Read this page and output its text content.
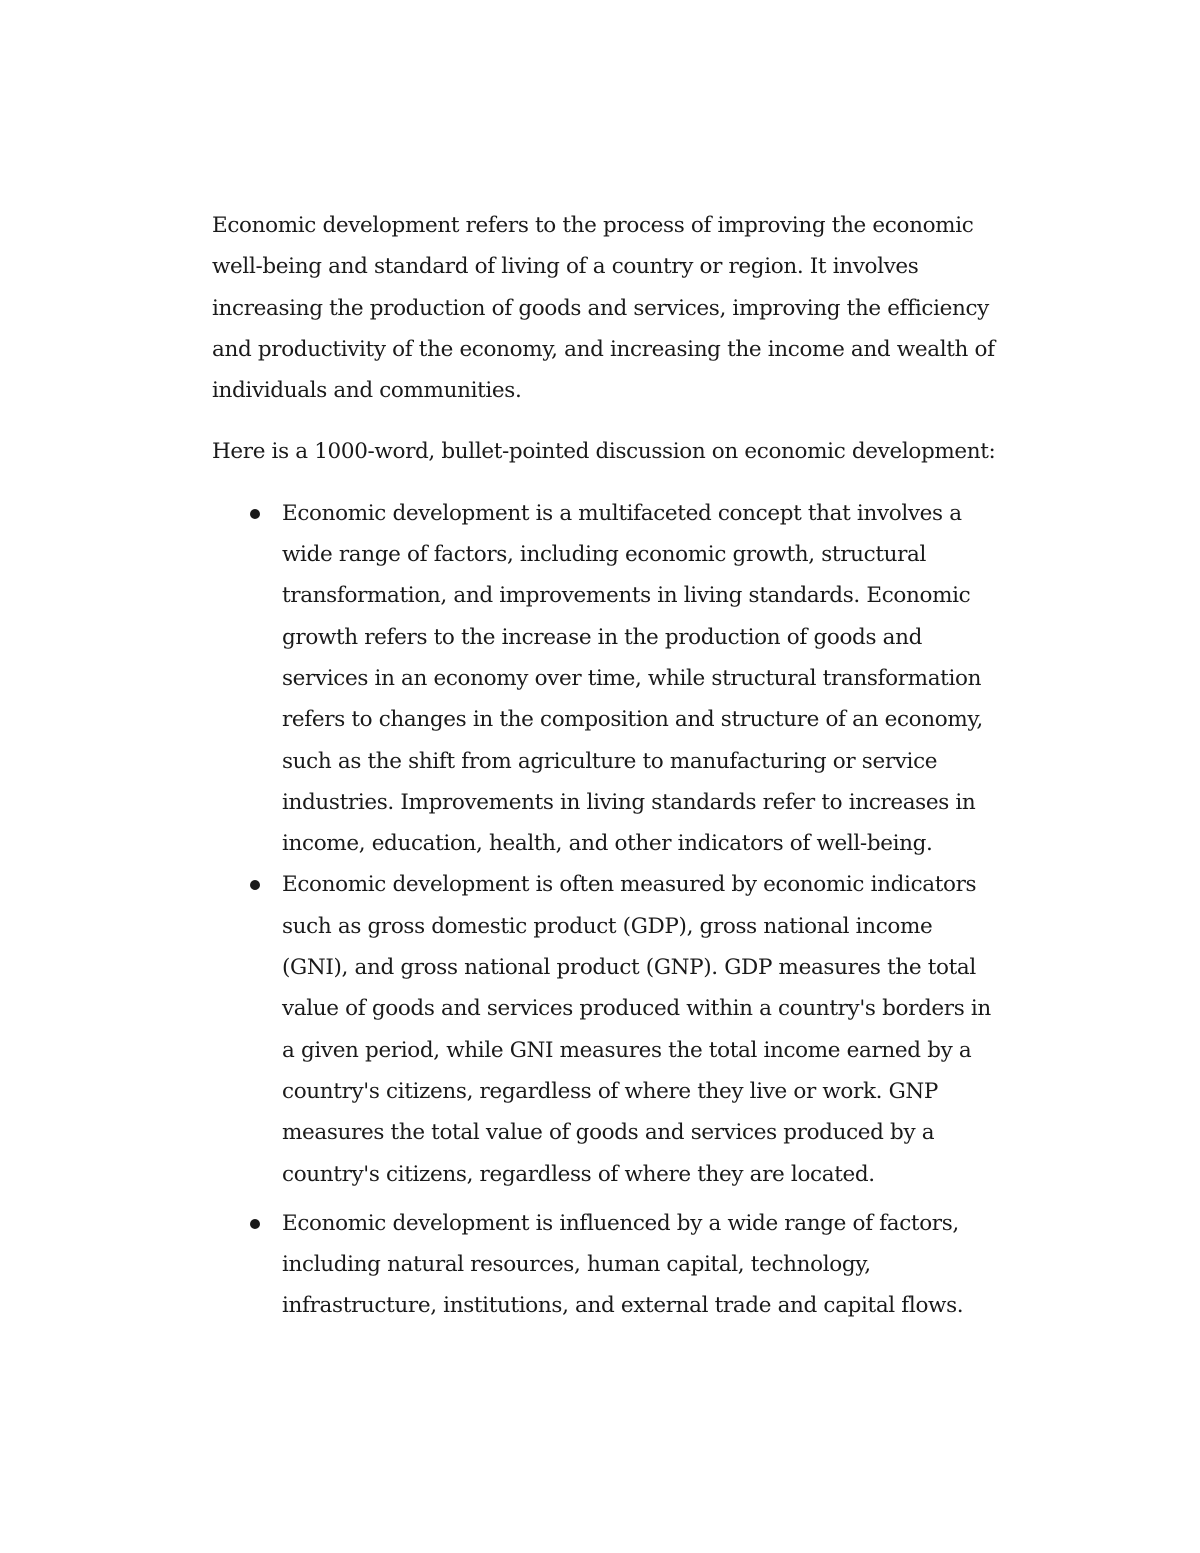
Economic development refers to the process of improving the economic well-being and standard of living of a country or region. It involves increasing the production of goods and services, improving the efficiency and productivity of the economy, and increasing the income and wealth of individuals and communities.

Here is a 1000-word, bullet-pointed discussion on economic development:

Economic development is a multifaceted concept that involves a wide range of factors, including economic growth, structural transformation, and improvements in living standards. Economic growth refers to the increase in the production of goods and services in an economy over time, while structural transformation refers to changes in the composition and structure of an economy, such as the shift from agriculture to manufacturing or service industries. Improvements in living standards refer to increases in income, education, health, and other indicators of well-being.
Economic development is often measured by economic indicators such as gross domestic product (GDP), gross national income (GNI), and gross national product (GNP). GDP measures the total value of goods and services produced within a country's borders in a given period, while GNI measures the total income earned by a country's citizens, regardless of where they live or work. GNP measures the total value of goods and services produced by a country's citizens, regardless of where they are located.
Economic development is influenced by a wide range of factors, including natural resources, human capital, technology, infrastructure, institutions, and external trade and capital flows.
